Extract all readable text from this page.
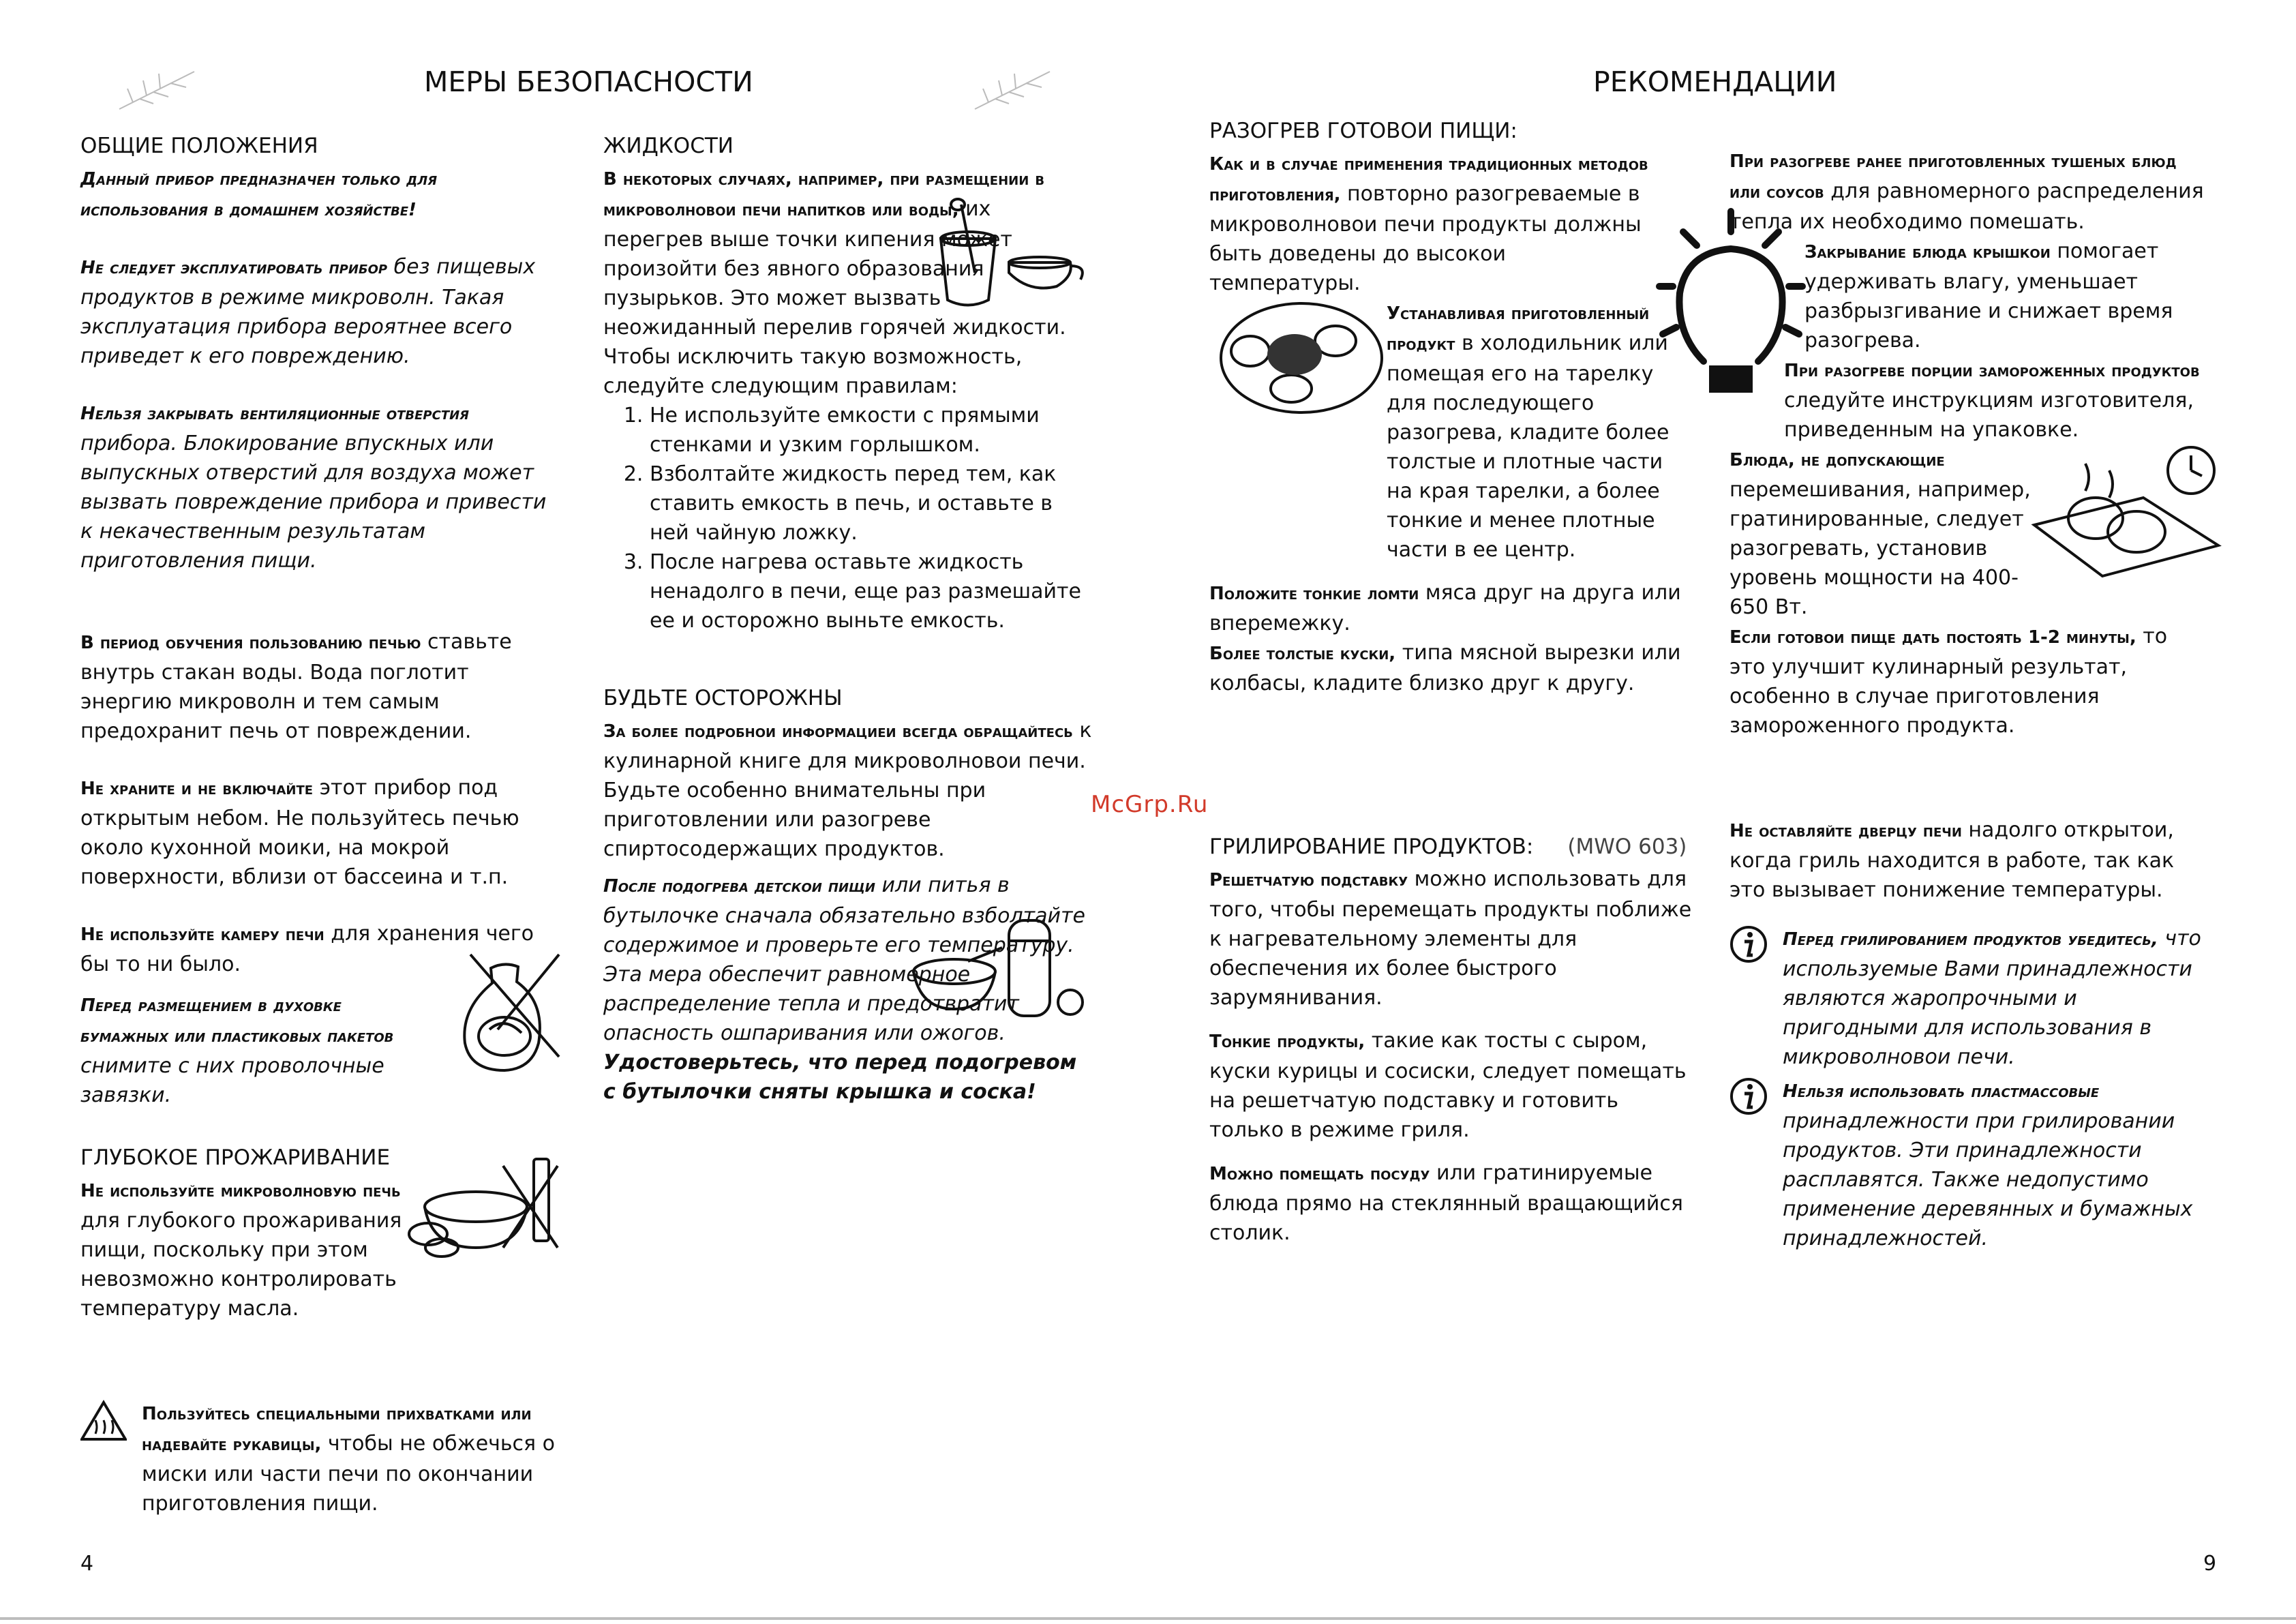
МЕРЫ БЕЗОПАСНОСТИ
ОБЩИЕ ПОЛОЖЕНИЯ

Данный прибор предназначен только для использования в домашнем хозяйстве!

Не следует эксплуатировать прибор без пищевых продуктов в режиме микроволн. Такая эксплуатация прибора вероятнее всего приведет к его повреждению.

Нельзя закрывать вентиляционные отверстия прибора. Блокирование впускных или выпускных отверстий для воздуха может вызвать повреждение прибора и привести к некачественным результатам приготовления пищи.

В период обучения пользованию печью ставьте внутрь стакан воды. Вода поглотит энергию микроволн и тем самым предохранит печь от повреждении.

Не храните и не включайте этот прибор под открытым небом. Не пользуйтесь печью около кухонной моики, на мокрой поверхности, вблизи от бассеина и т.п.

Не используйте камеру печи для хранения чего бы то ни было.

Перед размещением в духовке бумажных или пластиковых пакетов снимите с них проволочные завязки.

ГЛУБОКОЕ ПРОЖАРИВАНИЕ

Не используйте микроволновую печь для глубокого прожаривания пищи, поскольку при этом невозможно контролировать температуру масла.

Пользуйтесь специальными прихватками или надевайте рукавицы, чтобы не обжечься о миски или части печи по окончании приготовления пищи.
ЖИДКОСТИ

В некоторых случаях, например, при размещении в микроволновои печи напитков или воды, их перегрев выше точки кипения может произойти без явного образования пузырьков. Это может вызвать неожиданный перелив горячей жидкости.

Чтобы исключить такую возможность, следуйте следующим правилам:

1. Не используйте емкости с прямыми стенками и узким горлышком.
2. Взболтайте жидкость перед тем, как ставить емкость в печь, и оставьте в ней чайную ложку.
3. После нагрева оставьте жидкость ненадолго в печи, еще раз размешайте ее и осторожно выньте емкость.
БУДЬТЕ ОСТОРОЖНЫ

За более подробнои информациеи всегда обращайтесь к кулинарной книге для микроволновои печи. Будьте особенно внимательны при приготовлении или разогреве спиртосодержащих продуктов.

После подогрева детскои пищи или питья в бутылочке сначала обязательно взболтайте содержимое и проверьте его температуру. Эта мера обеспечит равномерное распределение тепла и предотвратит опасность ошпаривания или ожогов. Удостоверьтесь, что перед подогревом с бутылочки сняты крышка и соска!

4
РЕКОМЕНДАЦИИ
РАЗОГРЕВ ГОТОВОИ ПИЩИ:

Как и в случае применения традиционных методов приготовления, повторно разогреваемые в микроволновои печи продукты должны быть доведены до высокои температуры.

Устанавливая приготовленный продукт в холодильник или помещая его на тарелку для последующего разогрева, кладите более толстые и плотные части на края тарелки, а более тонкие и менее плотные части в ее центр.

Положите тонкие ломти мяса друг на друга или вперемежку.

Более толстые куски, типа мясной вырезки или колбасы, кладите близко друг к другу.

ГРИЛИРОВАНИЕ ПРОДУКТОВ: (MWO 603)

Решетчатую подставку можно использовать для того, чтобы перемещать продукты поближе к нагревательному элементы для обеспечения их более быстрого зарумянивания.

Тонкие продукты, такие как тосты с сыром, куски курицы и сосиски, следует помещать на решетчатую подставку и готовить только в режиме гриля.

Можно помещать посуду или гратинируемые блюда прямо на стеклянный вращающийся столик.

При разогреве ранее приготовленных тушеных блюд или соусов для равномерного распределения тепла их необходимо помешать.

Закрывание блюда крышкои помогает удерживать влагу, уменьшает разбрызгивание и снижает время разогрева.

При разогреве порции замороженных продуктов следуйте инструкциям изготовителя, приведенным на упаковке.

Блюда, не допускающие перемешивания, например, гратинированные, следует разогревать, установив уровень мощности на 400-650 Вт.

Если готовои пище дать постоять 1-2 минуты, то это улучшит кулинарный результат, особенно в случае приготовления замороженного продукта.

Не оставляйте дверцу печи надолго открытои, когда гриль находится в работе, так как это вызывает понижение температуры.

Перед грилированием продуктов убедитесь, что используемые Вами принадлежности являются жаропрочными и пригодными для использования в микроволновои печи.
Нельзя использовать пластмассовые принадлежности при грилировании продуктов. Эти принадлежности расплавятся. Также недопустимо применение деревянных и бумажных принадлежностей.
9
McGrp.Ru
